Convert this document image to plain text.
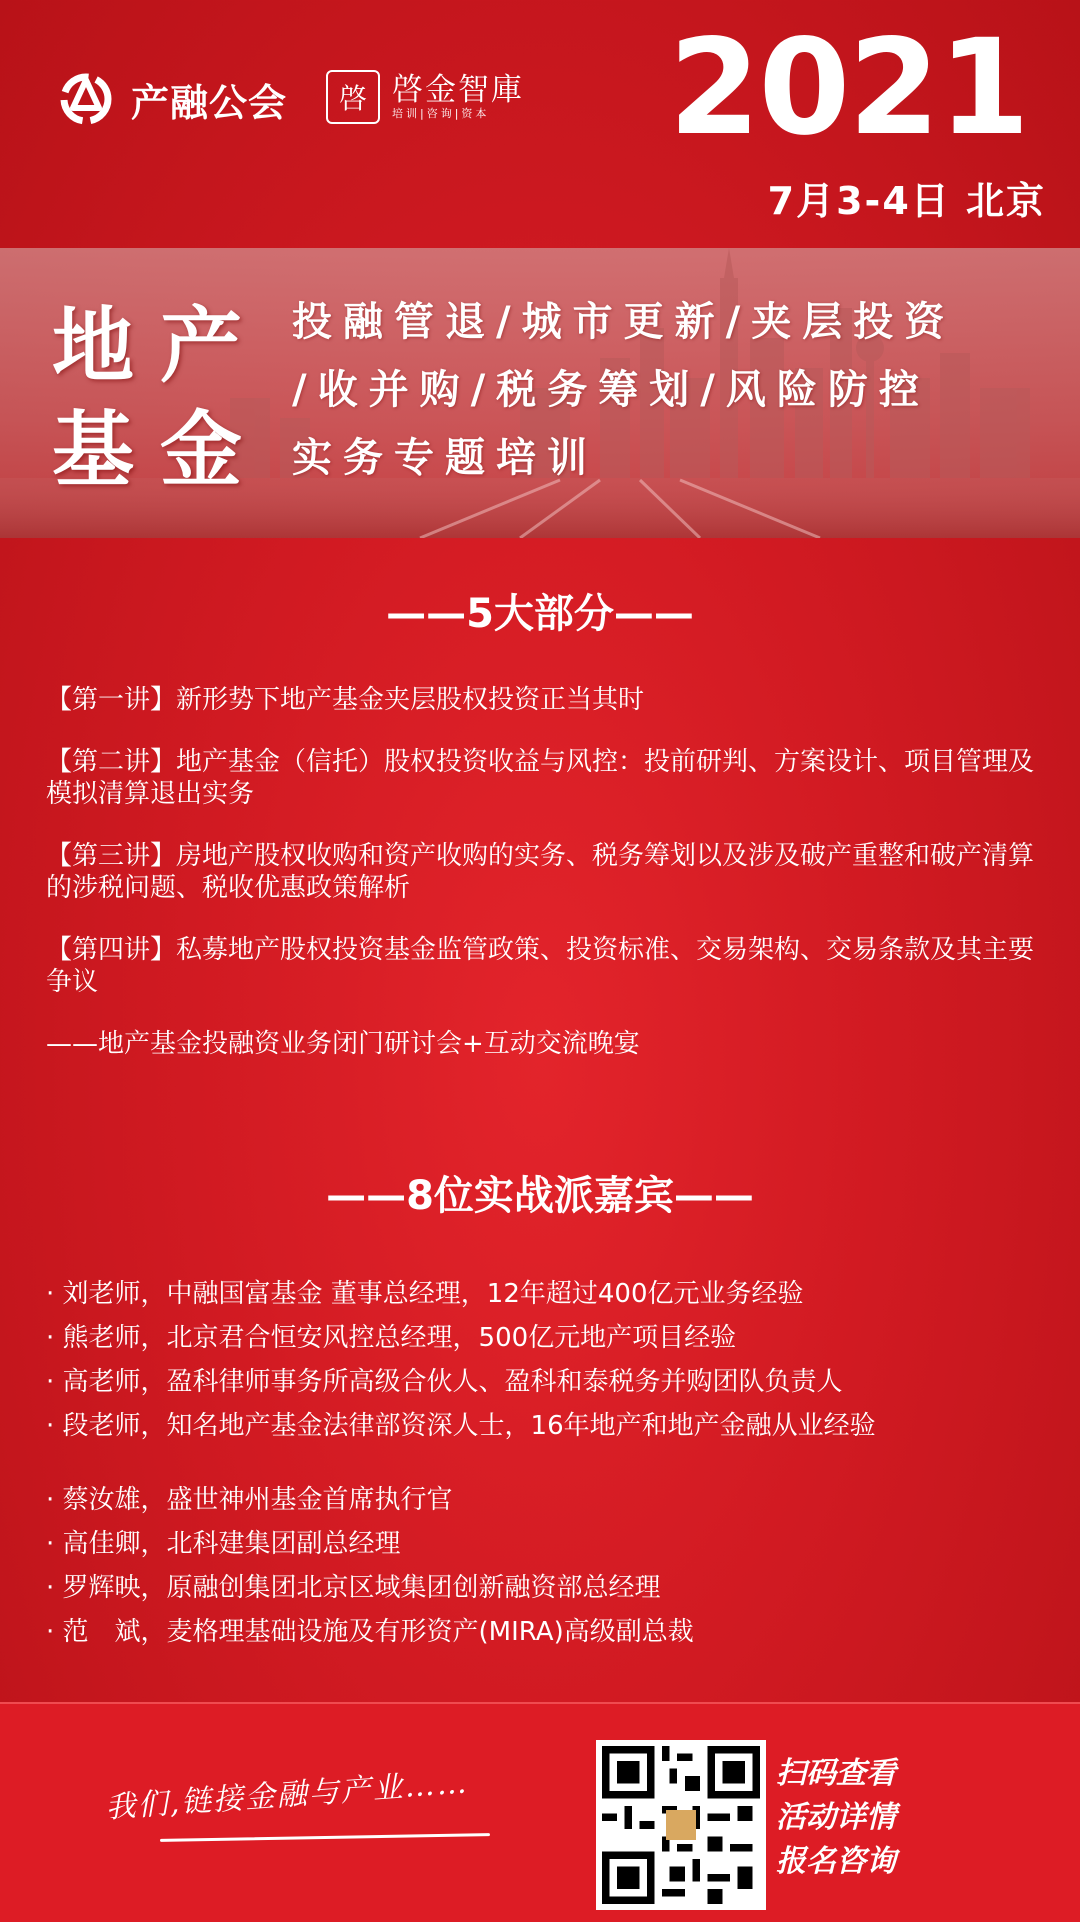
产融公会	啓 啓金智庫
培训|咨询|资本 2021
7月3-4日 北京
地产
基金
投融管退/城市更新/夹层投资
/收并购/税务筹划/风险防控
实务专题培训
——5大部分——

【第一讲】新形势下地产基金夹层股权投资正当其时

【第二讲】地产基金（信托）股权投资收益与风控：投前研判、方案设计、项目管理及模拟清算退出实务

【第三讲】房地产股权收购和资产收购的实务、税务筹划以及涉及破产重整和破产清算的涉税问题、税收优惠政策解析

【第四讲】私募地产股权投资基金监管政策、投资标准、交易架构、交易条款及其主要争议

——地产基金投融资业务闭门研讨会+互动交流晚宴

——8位实战派嘉宾——
· 刘老师，中融国富基金 董事总经理，12年超过400亿元业务经验
· 熊老师，北京君合恒安风控总经理，500亿元地产项目经验
· 高老师，盈科律师事务所高级合伙人、盈科和泰税务并购团队负责人
· 段老师，知名地产基金法律部资深人士，16年地产和地产金融从业经验
· 蔡汝雄，盛世神州基金首席执行官
· 高佳卿，北科建集团副总经理
· 罗辉映，原融创集团北京区域集团创新融资部总经理
· 范　斌，麦格理基础设施及有形资产(MIRA)高级副总裁
我们,链接金融与产业……	扫码查看
活动详情
报名咨询
